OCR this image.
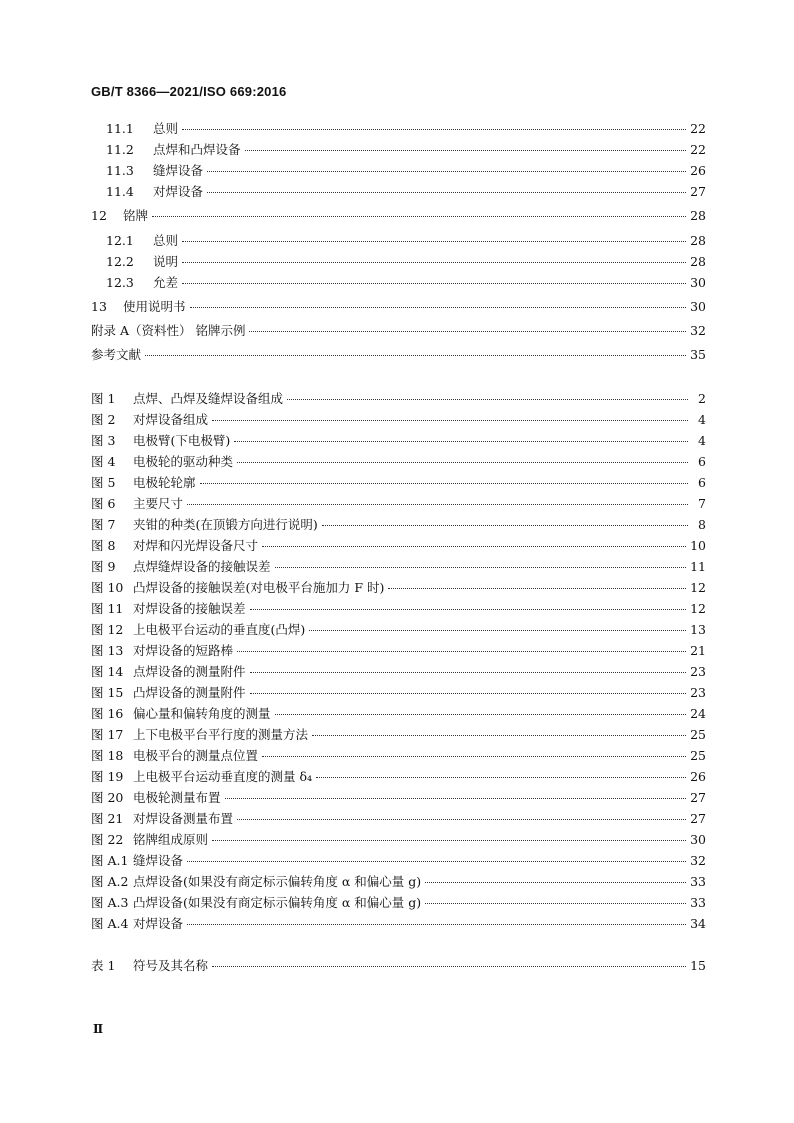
GB/T 8366—2021/ISO 669:2016
11.1	总则	22
11.2	点焊和凸焊设备	22
11.3	缝焊设备	26
11.4	对焊设备	27
12	铭牌	28
12.1	总则	28
12.2	说明	28
12.3	允差	30
13	使用说明书	30
附录 A（资料性） 铭牌示例	32
参考文献	35
图 1	点焊、凸焊及缝焊设备组成	2
图 2	对焊设备组成	4
图 3	电极臂(下电极臂)	4
图 4	电极轮的驱动种类	6
图 5	电极轮轮廓	6
图 6	主要尺寸	7
图 7	夹钳的种类(在顶锻方向进行说明)	8
图 8	对焊和闪光焊设备尺寸	10
图 9	点焊缝焊设备的接触误差	11
图 10 凸焊设备的接触误差(对电极平台施加力 F 时)	12
图 11 对焊设备的接触误差	12
图 12 上电极平台运动的垂直度(凸焊)	13
图 13 对焊设备的短路棒	21
图 14 点焊设备的测量附件	23
图 15 凸焊设备的测量附件	23
图 16 偏心量和偏转角度的测量	24
图 17 上下电极平台平行度的测量方法	25
图 18 电极平台的测量点位置	25
图 19 上电极平台运动垂直度的测量 δ₄	26
图 20 电极轮测量布置	27
图 21 对焊设备测量布置	27
图 22 铭牌组成原则	30
图 A.1 缝焊设备	32
图 A.2 点焊设备(如果没有商定标示偏转角度 α 和偏心量 g)	33
图 A.3 凸焊设备(如果没有商定标示偏转角度 α 和偏心量 g)	33
图 A.4 对焊设备	34
表 1	符号及其名称	15
Ⅱ
